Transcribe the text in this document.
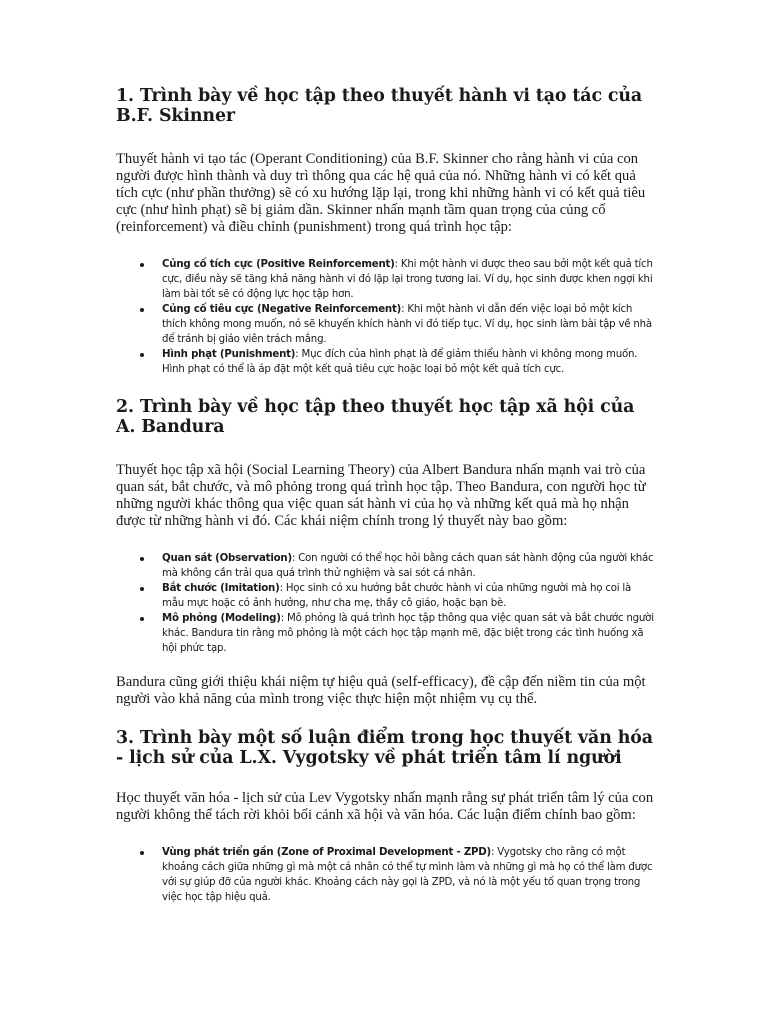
1. Trình bày về học tập theo thuyết hành vi tạo tác của B.F. Skinner

Thuyết hành vi tạo tác (Operant Conditioning) của B.F. Skinner cho rằng hành vi của con người được hình thành và duy trì thông qua các hệ quả của nó. Những hành vi có kết quả tích cực (như phần thưởng) sẽ có xu hướng lặp lại, trong khi những hành vi có kết quả tiêu cực (như hình phạt) sẽ bị giảm dần. Skinner nhấn mạnh tầm quan trọng của củng cố (reinforcement) và điều chỉnh (punishment) trong quá trình học tập:

Củng cố tích cực (Positive Reinforcement): Khi một hành vi được theo sau bởi một kết quả tích cực, điều này sẽ tăng khả năng hành vi đó lặp lại trong tương lai. Ví dụ, học sinh được khen ngợi khi làm bài tốt sẽ có động lực học tập hơn.
Củng cố tiêu cực (Negative Reinforcement): Khi một hành vi dẫn đến việc loại bỏ một kích thích không mong muốn, nó sẽ khuyến khích hành vi đó tiếp tục. Ví dụ, học sinh làm bài tập về nhà để tránh bị giáo viên trách mắng.
Hình phạt (Punishment): Mục đích của hình phạt là để giảm thiểu hành vi không mong muốn. Hình phạt có thể là áp đặt một kết quả tiêu cực hoặc loại bỏ một kết quả tích cực.
2. Trình bày về học tập theo thuyết học tập xã hội của A. Bandura

Thuyết học tập xã hội (Social Learning Theory) của Albert Bandura nhấn mạnh vai trò của quan sát, bắt chước, và mô phỏng trong quá trình học tập. Theo Bandura, con người học từ những người khác thông qua việc quan sát hành vi của họ và những kết quả mà họ nhận được từ những hành vi đó. Các khái niệm chính trong lý thuyết này bao gồm:

Quan sát (Observation): Con người có thể học hỏi bằng cách quan sát hành động của người khác mà không cần trải qua quá trình thử nghiệm và sai sót cá nhân.
Bắt chước (Imitation): Học sinh có xu hướng bắt chước hành vi của những người mà họ coi là mẫu mực hoặc có ảnh hưởng, như cha mẹ, thầy cô giáo, hoặc bạn bè.
Mô phỏng (Modeling): Mô phỏng là quá trình học tập thông qua việc quan sát và bắt chước người khác. Bandura tin rằng mô phỏng là một cách học tập mạnh mẽ, đặc biệt trong các tình huống xã hội phức tạp.

Bandura cũng giới thiệu khái niệm tự hiệu quả (self-efficacy), đề cập đến niềm tin của một người vào khả năng của mình trong việc thực hiện một nhiệm vụ cụ thể.

3. Trình bày một số luận điểm trong học thuyết văn hóa - lịch sử của L.X. Vygotsky về phát triển tâm lí người

Học thuyết văn hóa - lịch sử của Lev Vygotsky nhấn mạnh rằng sự phát triển tâm lý của con người không thể tách rời khỏi bối cảnh xã hội và văn hóa. Các luận điểm chính bao gồm:

Vùng phát triển gần (Zone of Proximal Development - ZPD): Vygotsky cho rằng có một khoảng cách giữa những gì mà một cá nhân có thể tự mình làm và những gì mà họ có thể làm được với sự giúp đỡ của người khác. Khoảng cách này gọi là ZPD, và nó là một yếu tố quan trọng trong việc học tập hiệu quả.
